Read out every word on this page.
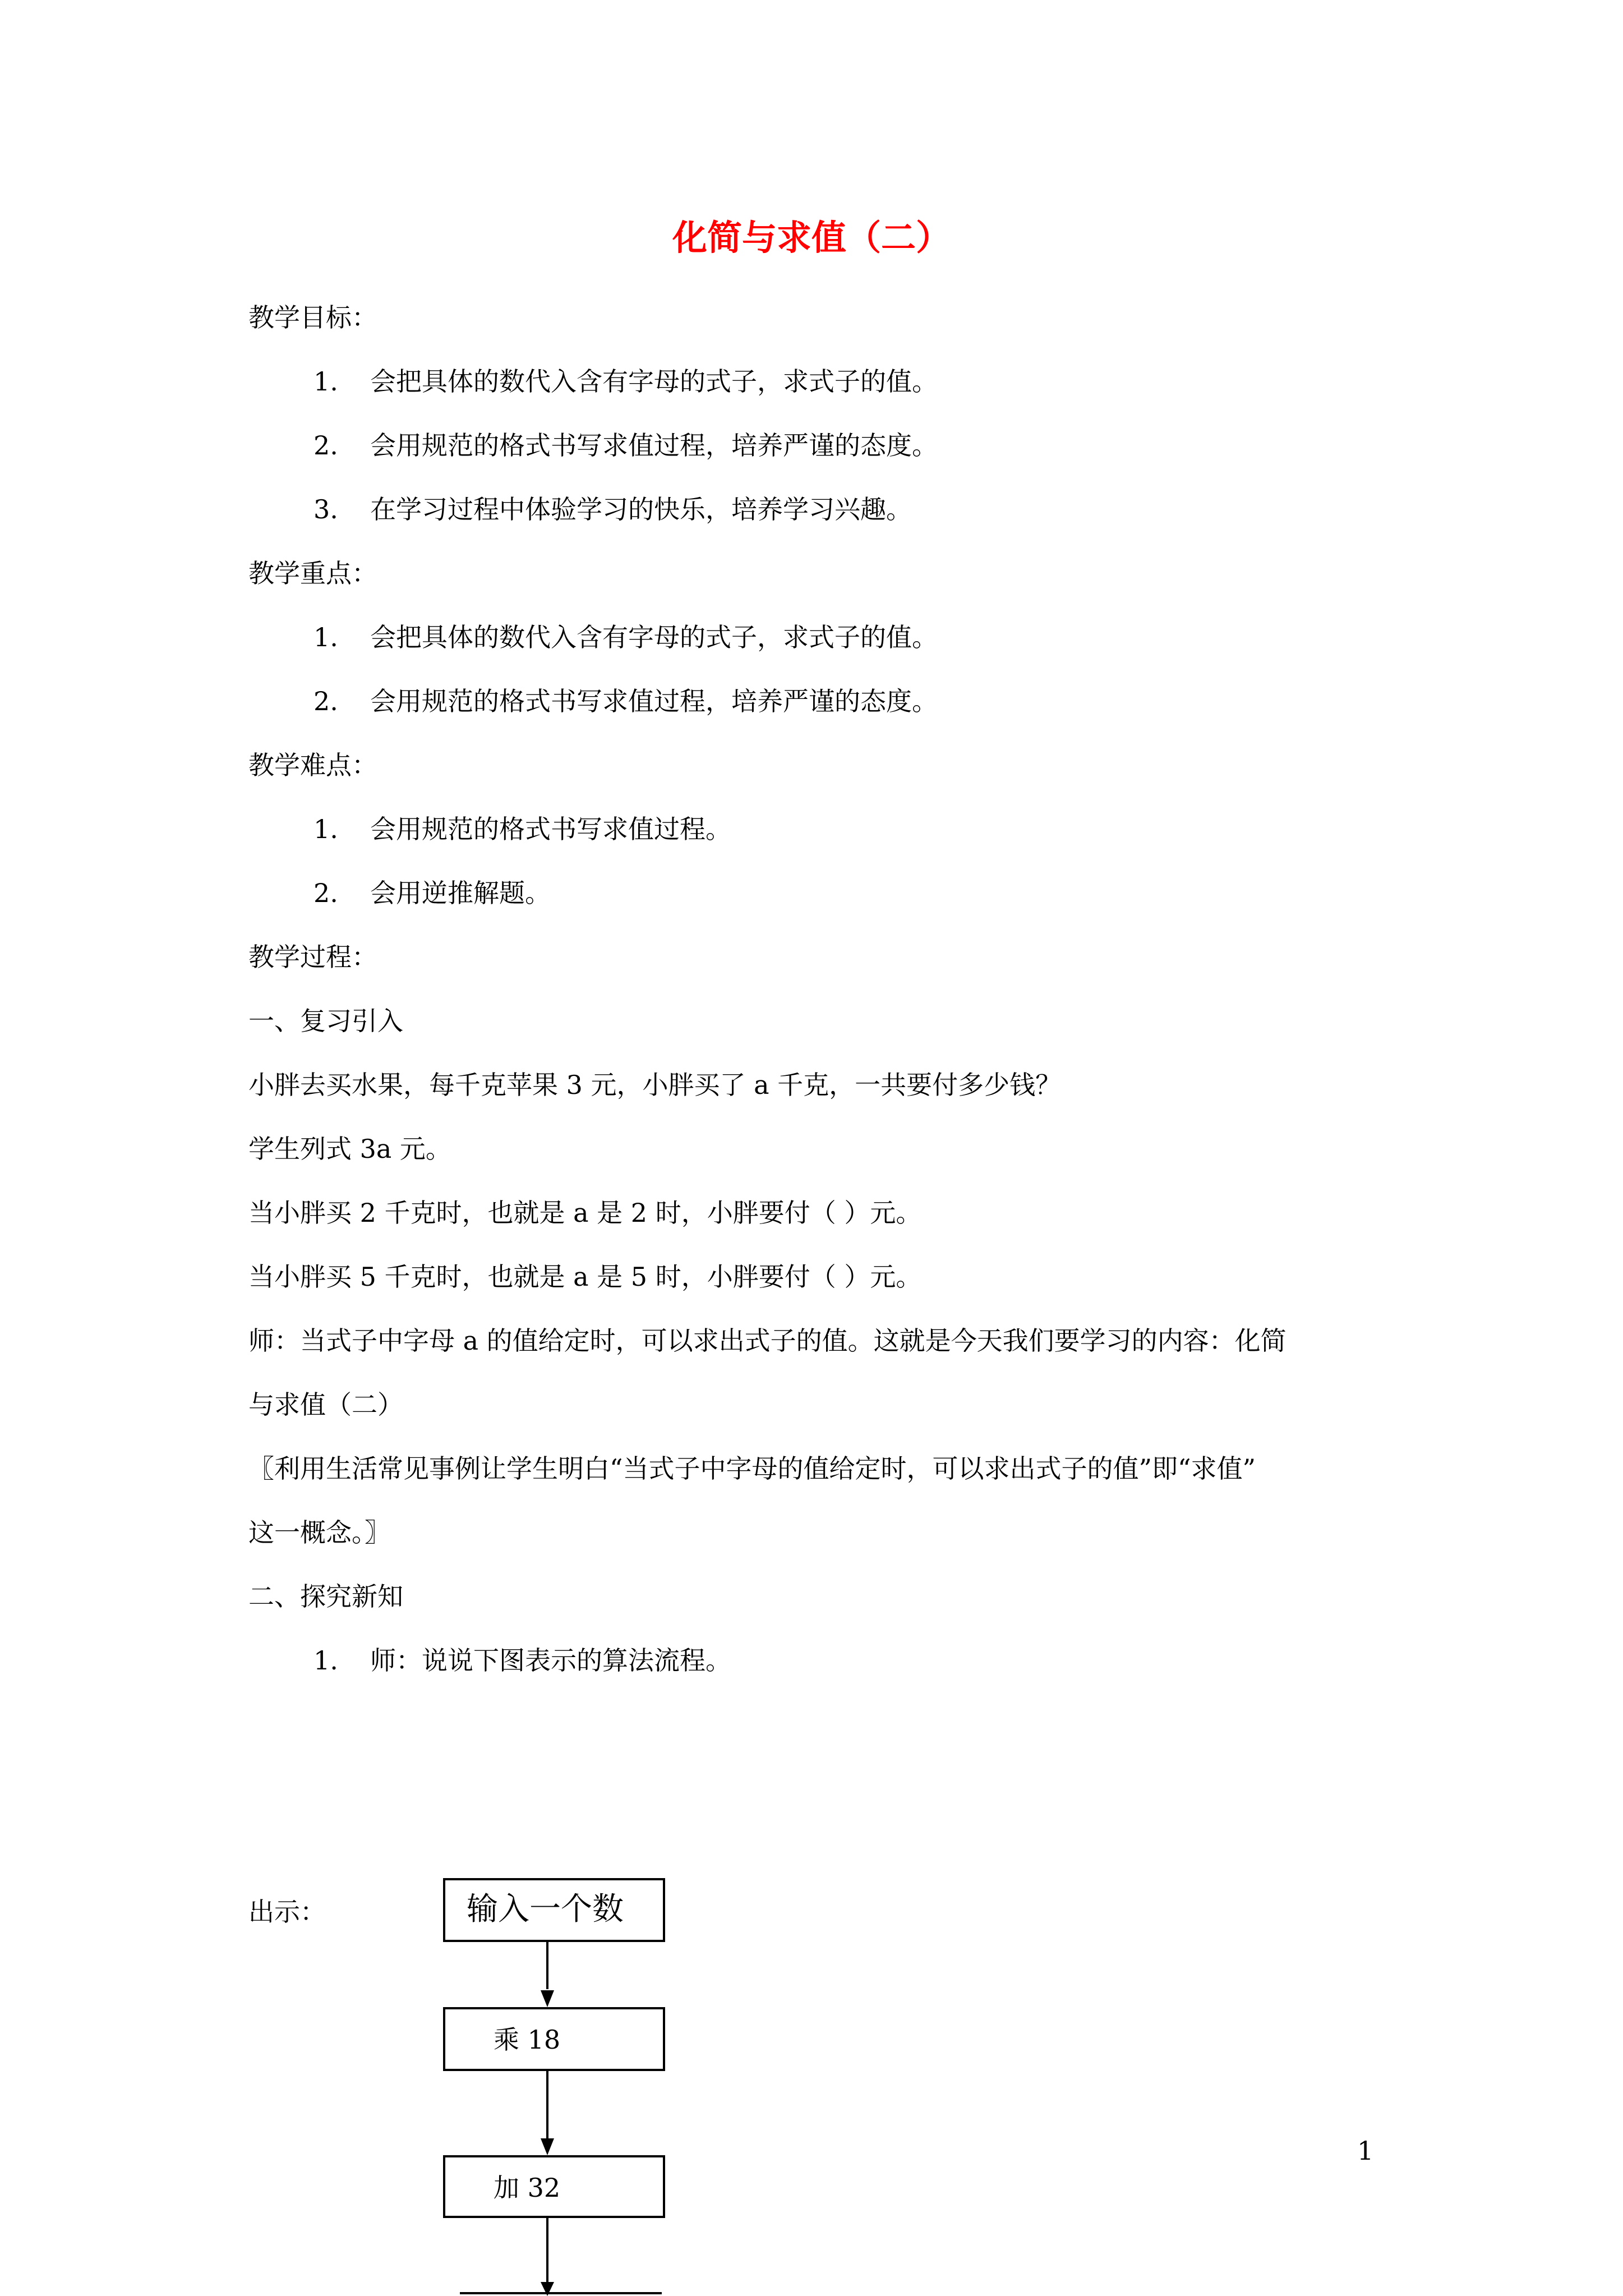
化简与求值（二）
教学目标：
1.	会把具体的数代入含有字母的式子，求式子的值。
2.	会用规范的格式书写求值过程，培养严谨的态度。
3.	在学习过程中体验学习的快乐，培养学习兴趣。
教学重点：
1.	会把具体的数代入含有字母的式子，求式子的值。
2.	会用规范的格式书写求值过程，培养严谨的态度。
教学难点：
1.	会用规范的格式书写求值过程。
2.	会用逆推解题。
教学过程：
一、复习引入
小胖去买水果，每千克苹果 3 元，小胖买了 a 千克，一共要付多少钱？
学生列式 3a 元。
当小胖买 2 千克时，也就是 a 是 2 时，小胖要付（ ）元。
当小胖买 5 千克时，也就是 a 是 5 时，小胖要付（ ）元。
师：当式子中字母 a 的值给定时，可以求出式子的值。这就是今天我们要学习的内容：化简
与求值（二）
〖利用生活常见事例让学生明白“当式子中字母的值给定时，可以求出式子的值”即“求值”
这一概念。〗
二、探究新知
1.	师：说说下图表示的算法流程。
出示：	输入一个数
乘 18
加 32
1
